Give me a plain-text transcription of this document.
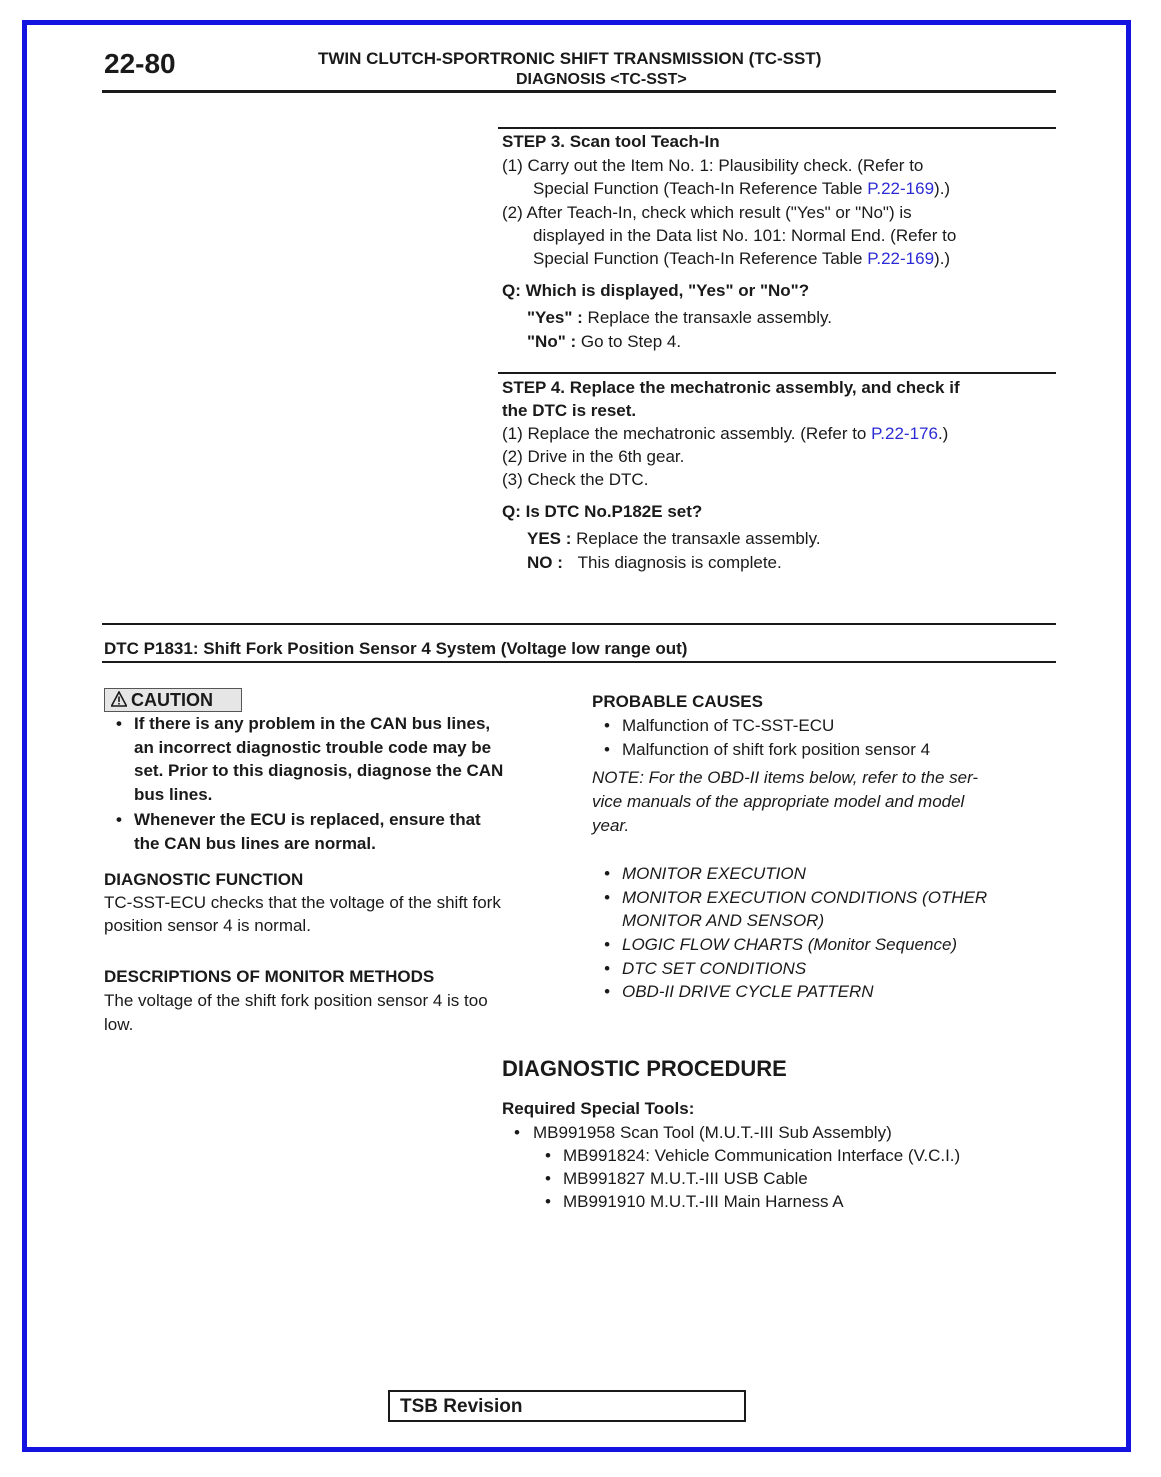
22-80	TWIN CLUTCH-SPORTRONIC SHIFT TRANSMISSION (TC-SST)
DIAGNOSIS <TC-SST>
STEP 3. Scan tool Teach-In
(1) Carry out the Item No. 1: Plausibility check. (Refer to
Special Function (Teach-In Reference Table P.22-169).)
(2) After Teach-In, check which result ("Yes" or "No") is
displayed in the Data list No. 101: Normal End. (Refer to
Special Function (Teach-In Reference Table P.22-169).)
Q: Which is displayed, "Yes" or "No"?
"Yes" : Replace the transaxle assembly.
"No" : Go to Step 4.
STEP 4. Replace the mechatronic assembly, and check if
the DTC is reset.
(1) Replace the mechatronic assembly. (Refer to P.22-176.)
(2) Drive in the 6th gear.
(3) Check the DTC.
Q: Is DTC No.P182E set?
YES : Replace the transaxle assembly.
NO : This diagnosis is complete.
DTC P1831: Shift Fork Position Sensor 4 System (Voltage low range out)
CAUTION
• If there is any problem in the CAN bus lines,
an incorrect diagnostic trouble code may be
set. Prior to this diagnosis, diagnose the CAN
bus lines.
• Whenever the ECU is replaced, ensure that
the CAN bus lines are normal.
DIAGNOSTIC FUNCTION
TC-SST-ECU checks that the voltage of the shift fork
position sensor 4 is normal.
DESCRIPTIONS OF MONITOR METHODS
The voltage of the shift fork position sensor 4 is too
low.
PROBABLE CAUSES
• Malfunction of TC-SST-ECU
• Malfunction of shift fork position sensor 4
NOTE: For the OBD-II items below, refer to the ser-
vice manuals of the appropriate model and model
year.
• MONITOR EXECUTION
• MONITOR EXECUTION CONDITIONS (OTHER
MONITOR AND SENSOR)
• LOGIC FLOW CHARTS (Monitor Sequence)
• DTC SET CONDITIONS
• OBD-II DRIVE CYCLE PATTERN
DIAGNOSTIC PROCEDURE
Required Special Tools:
• MB991958 Scan Tool (M.U.T.-III Sub Assembly)
• MB991824: Vehicle Communication Interface (V.C.I.)
• MB991827 M.U.T.-III USB Cable
• MB991910 M.U.T.-III Main Harness A
TSB Revision
